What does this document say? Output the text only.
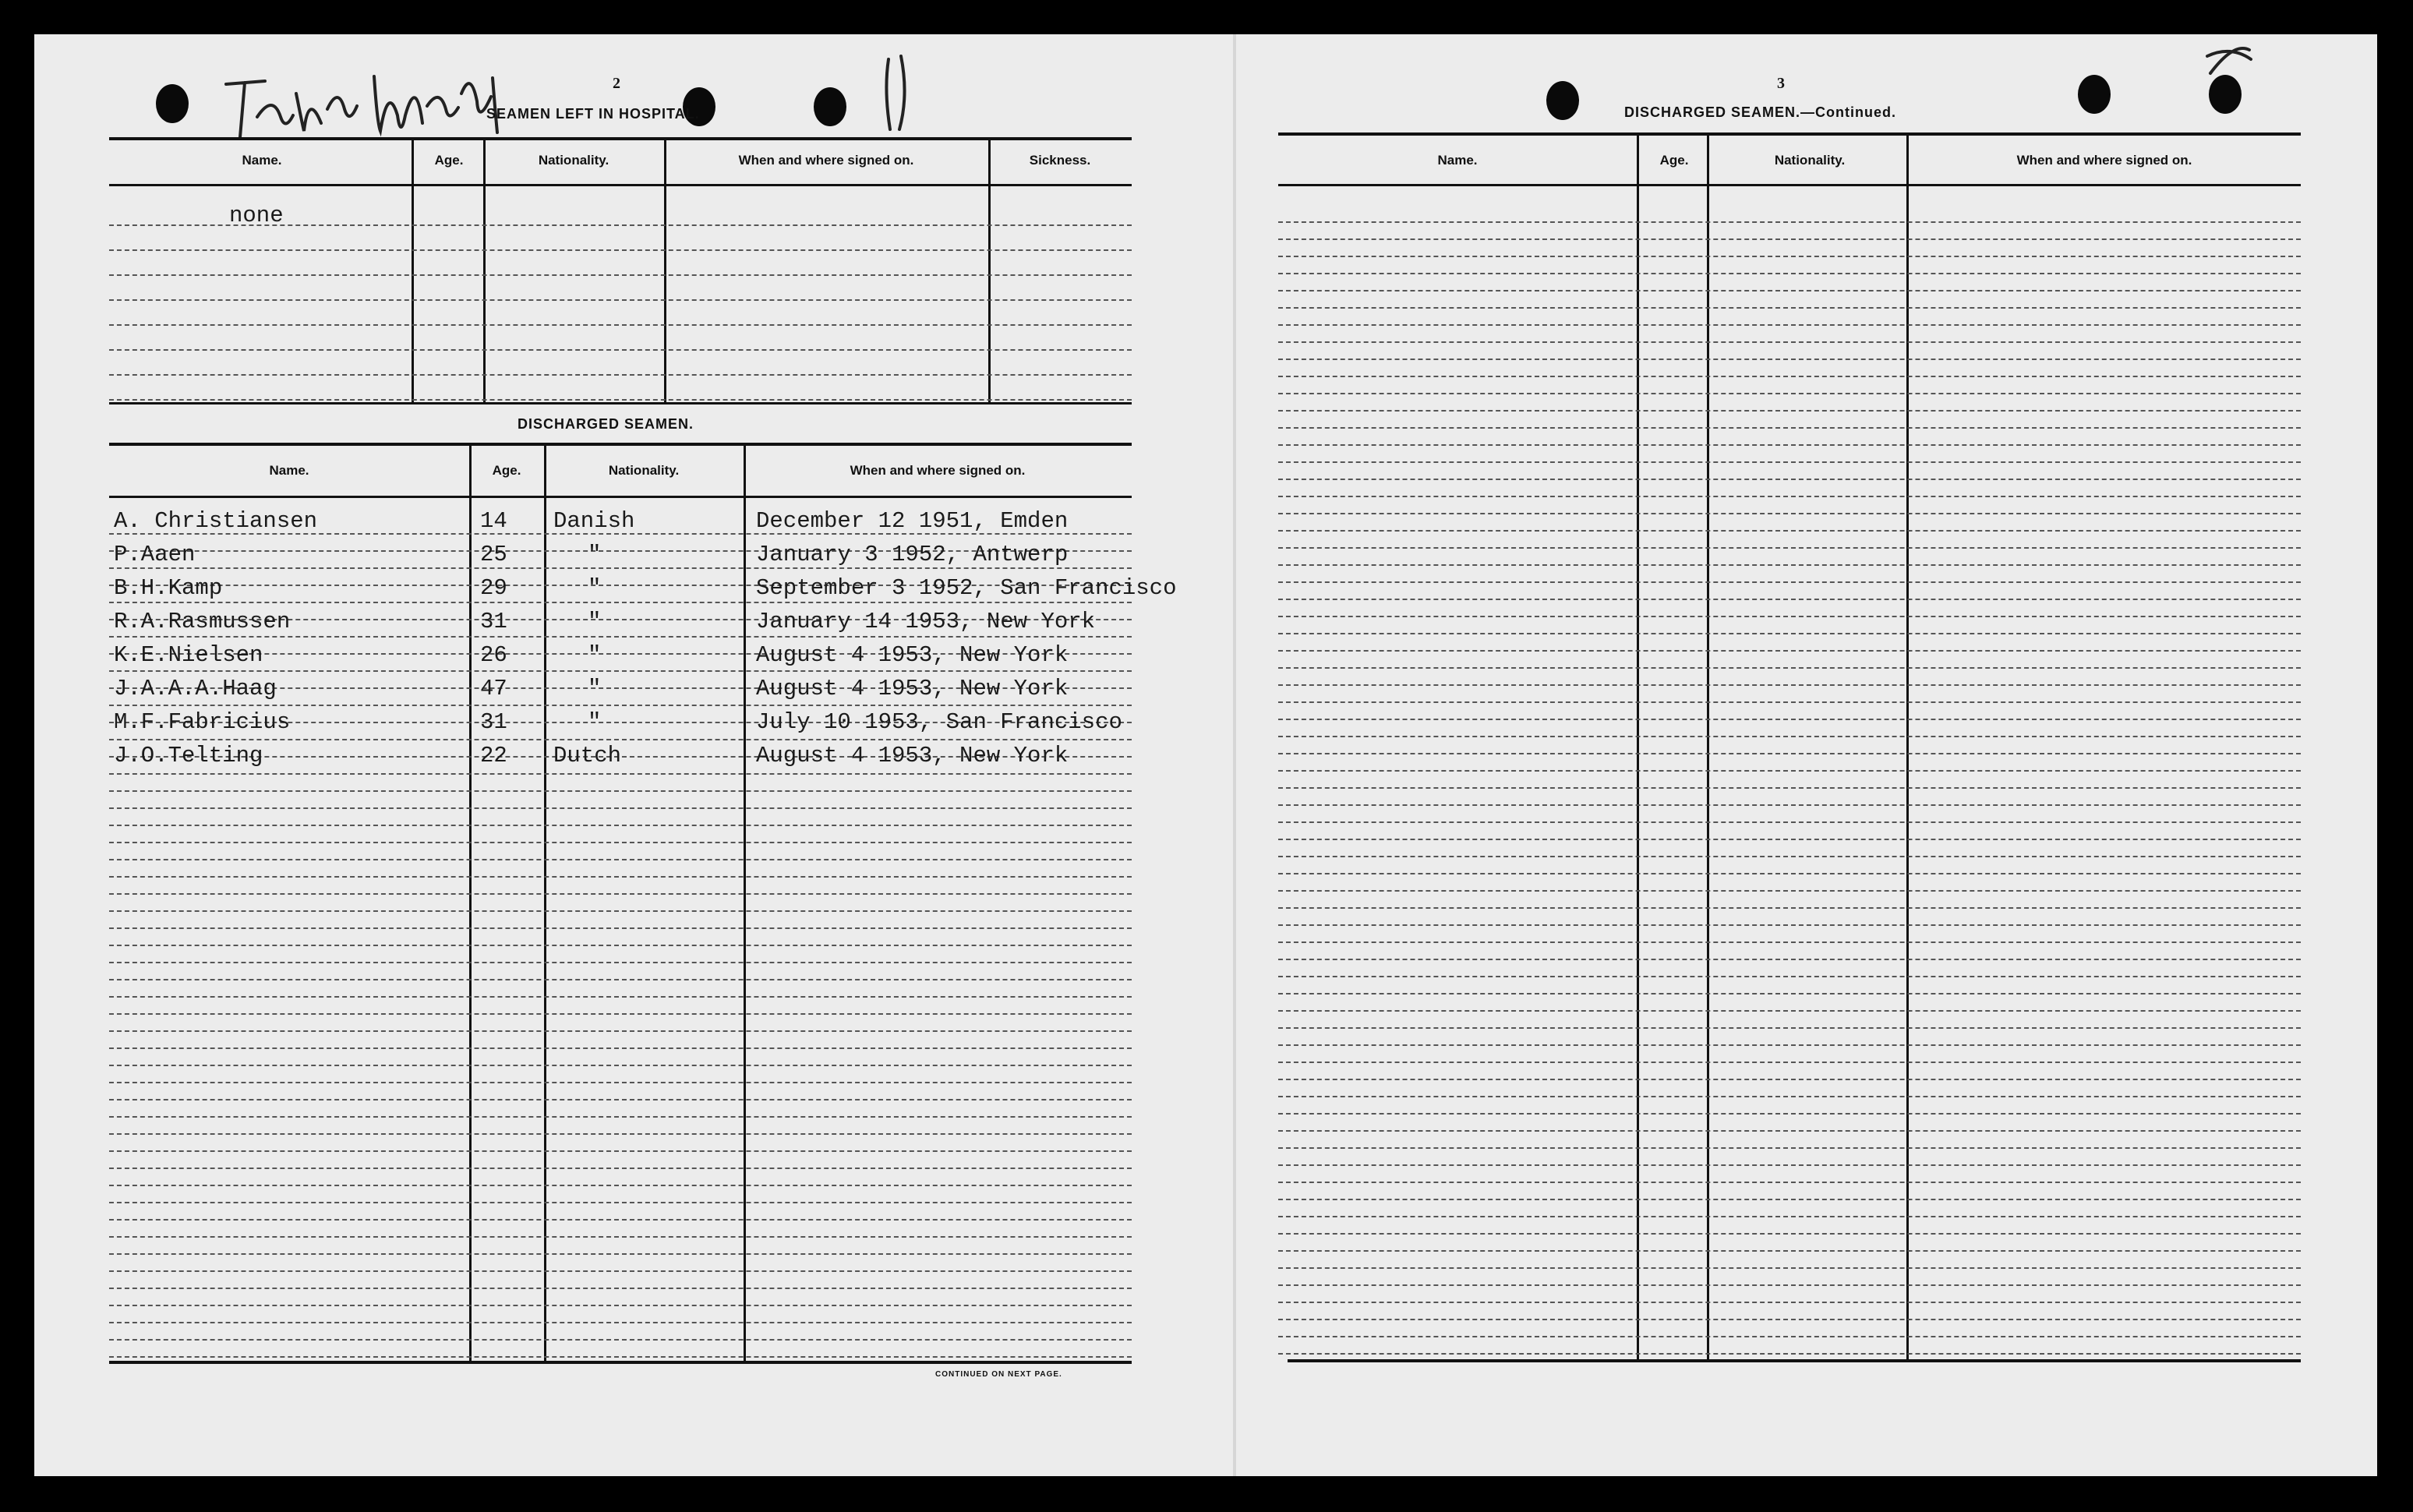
Tabbe Maersk
2
SEAMEN LEFT IN HOSPITAL.
Name.	Age.	Nationality.	When and where signed on.	Sickness.
none
DISCHARGED SEAMEN.
Name.	Age.	Nationality.	When and where signed on.
A. Christiansen	14 Danish	December 12 1951, Emden
P.Aaen	25	"	January 3 1952, Antwerp
B.H.Kamp	29	"	September 3 1952, San Francisco
R.A.Rasmussen	31	"	January 14 1953, New York
K.E.Nielsen	26	"	August 4 1953, New York
J.A.A.A.Haag	47	"	August 4 1953, New York
M.F.Fabricius	31	"	July 10 1953, San Francisco
J.O.Telting	22 Dutch	August 4 1953, New York
CONTINUED ON NEXT PAGE.
3
DISCHARGED SEAMEN.—Continued.
Name.	Age.	Nationality.	When and where signed on.
